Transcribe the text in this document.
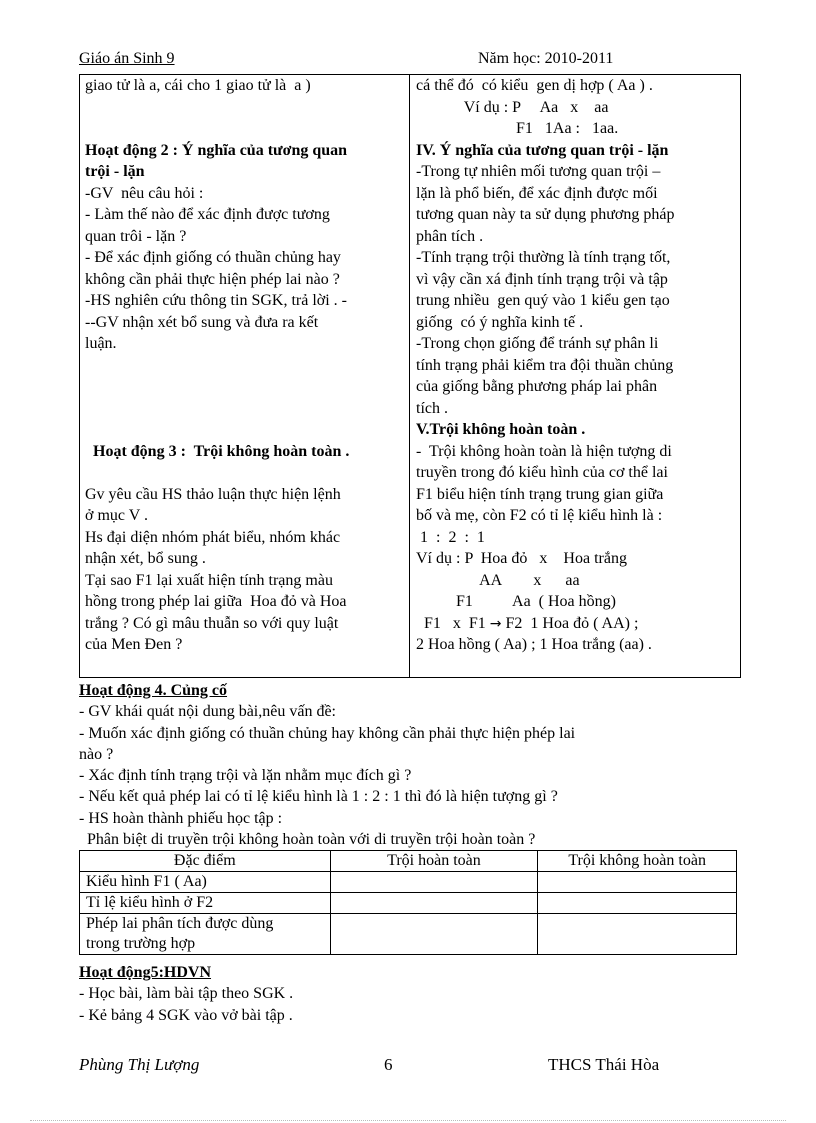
Giáo án Sinh 9	Năm học: 2010-2011
giao tử là a, cái cho 1 giao tử là  a )
Hoạt động 2 : Ý nghĩa của tương quan
trội - lặn
-GV  nêu câu hỏi :
- Làm thế nào để xác định được tương
quan trôi - lặn ?
- Để xác định giống có thuần chủng hay
không cần phải thực hiện phép lai nào ?
-HS nghiên cứu thông tin SGK, trả lời . -
--GV nhận xét bổ sung và đưa ra kết
luận.
Hoạt động 3 :  Trội không hoàn toàn .
Gv yêu cầu HS thảo luận thực hiện lệnh
ở mục V .
Hs đại diện nhóm phát biểu, nhóm khác
nhận xét, bổ sung .
Tại sao F1 lại xuất hiện tính trạng màu
hồng trong phép lai giữa  Hoa đỏ và Hoa
trắng ? Có gì mâu thuẫn so với quy luật
của Men Đen ?
cá thể đó  có kiểu  gen dị hợp ( Aa ) .
Ví dụ : P     Aa   x    aa
F1   1Aa :   1aa.
IV. Ý nghĩa của tương quan trội - lặn
-Trong tự nhiên mối tương quan trội –
lặn là phổ biến, để xác định được mối
tương quan này ta sử dụng phương pháp
phân tích .
-Tính trạng trội thường là tính trạng tốt,
vì vậy cần xá định tính trạng trội và tập
trung nhiều  gen quý vào 1 kiểu gen tạo
giống  có ý nghĩa kinh tế .
-Trong chọn giống để tránh sự phân li
tính trạng phải kiểm tra đội thuần chủng
của giống bằng phương pháp lai phân
tích .
V.Trội không hoàn toàn .
-  Trội không hoàn toàn là hiện tượng di
truyền trong đó kiểu hình của cơ thể lai
F1 biểu hiện tính trạng trung gian giữa
bố và mẹ, còn F2 có tỉ lệ kiểu hình là :
1  :  2  :  1
Ví dụ : P  Hoa đỏ   x    Hoa trắng
AA        x      aa
F1          Aa  ( Hoa hồng)
F1   x  F1 → F2  1 Hoa đỏ ( AA) ;
2 Hoa hồng ( Aa) ; 1 Hoa trắng (aa) .
Hoạt động 4. Củng cố
- GV khái quát nội dung bài,nêu vấn đề:
- Muốn xác định giống có thuần chủng hay không cần phải thực hiện phép lai
nào ?
- Xác định tính trạng trội và lặn nhằm mục đích gì ?
- Nếu kết quả phép lai có tỉ lệ kiểu hình là 1 : 2 : 1 thì đó là hiện tượng gì ?
- HS hoàn thành phiếu học tập :
Phân biệt di truyền trội không hoàn toàn với di truyền trội hoàn toàn ?
Đặc điểm	Trội hoàn toàn	Trội không hoàn toàn
Kiểu hình F1 ( Aa)		
Tỉ lệ kiểu hình ở F2		

Phép lai phân tích được dùng
trong trường hợp		

Hoạt động5:HDVN
- Học bài, làm bài tập theo SGK .
- Kẻ bảng 4 SGK vào vở bài tập .
Phùng Thị Lượng	6	THCS Thái Hòa
